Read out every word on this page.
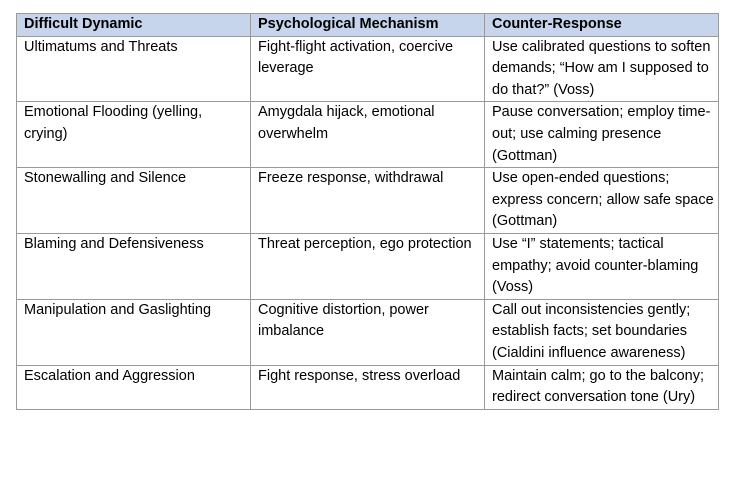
Difficult Dynamic	Psychological Mechanism	Counter-Response
Ultimatums and Threats	Fight-flight activation, coercive leverage	Use calibrated questions to soften demands; “How am I supposed to do that?” (Voss)
Emotional Flooding (yelling, crying)	Amygdala hijack, emotional overwhelm	Pause conversation; employ time-out; use calming presence (Gottman)
Stonewalling and Silence	Freeze response, withdrawal	Use open-ended questions; express concern; allow safe space (Gottman)
Blaming and Defensiveness	Threat perception, ego protection	Use “I” statements; tactical empathy; avoid counter-blaming (Voss)
Manipulation and Gaslighting	Cognitive distortion, power imbalance	Call out inconsistencies gently; establish facts; set boundaries (Cialdini influence awareness)
Escalation and Aggression	Fight response, stress overload	Maintain calm; go to the balcony; redirect conversation tone (Ury)
